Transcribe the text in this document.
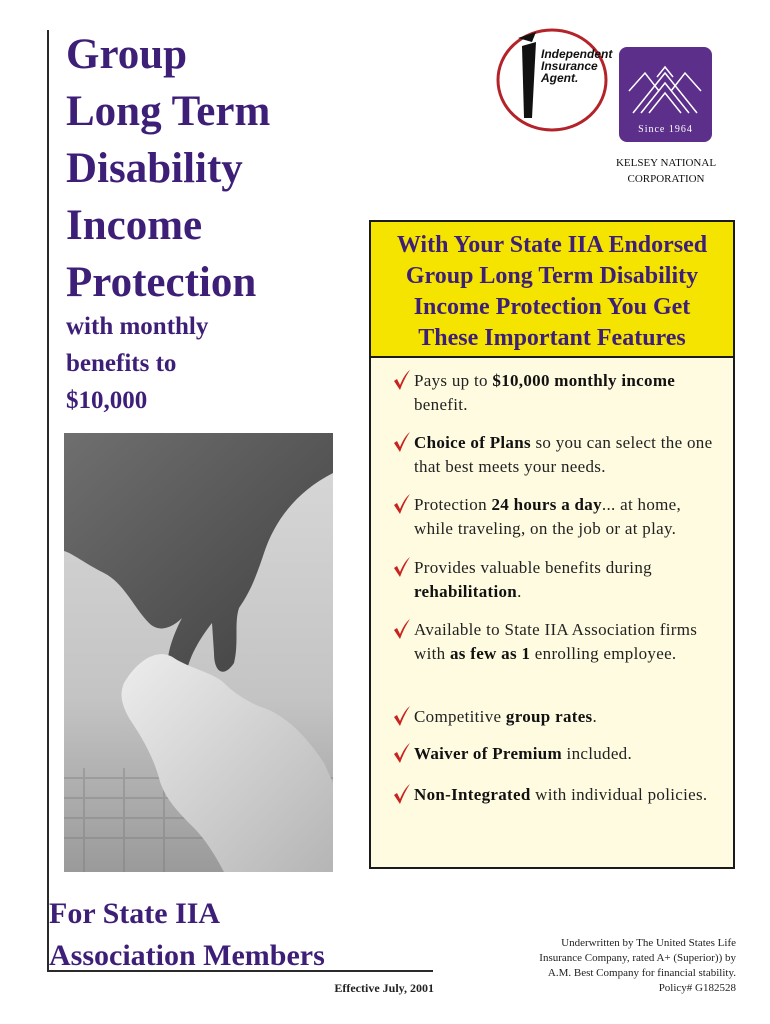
Group
Long Term
Disability
Income
Protection
with monthly
benefits to
$10,000
Independent
Insurance
Agent.
Since 1964
KELSEY NATIONAL
CORPORATION
With Your State IIA Endorsed
Group Long Term Disability
Income Protection You Get
These Important Features
Pays up to $10,000 monthly income benefit.
Choice of Plans so you can select the one that best meets your needs.
Protection 24 hours a day... at home, while traveling, on the job or at play.
Provides valuable benefits during rehabilitation.
Available to State IIA Association firms with as few as 1 enrolling employee.
Competitive group rates.
Waiver of Premium included.
Non-Integrated with individual policies.
For State IIA
Association Members
Effective July, 2001
Underwritten by The United States Life
Insurance Company, rated A+ (Superior)) by
A.M. Best Company for financial stability.
Policy# G182528
